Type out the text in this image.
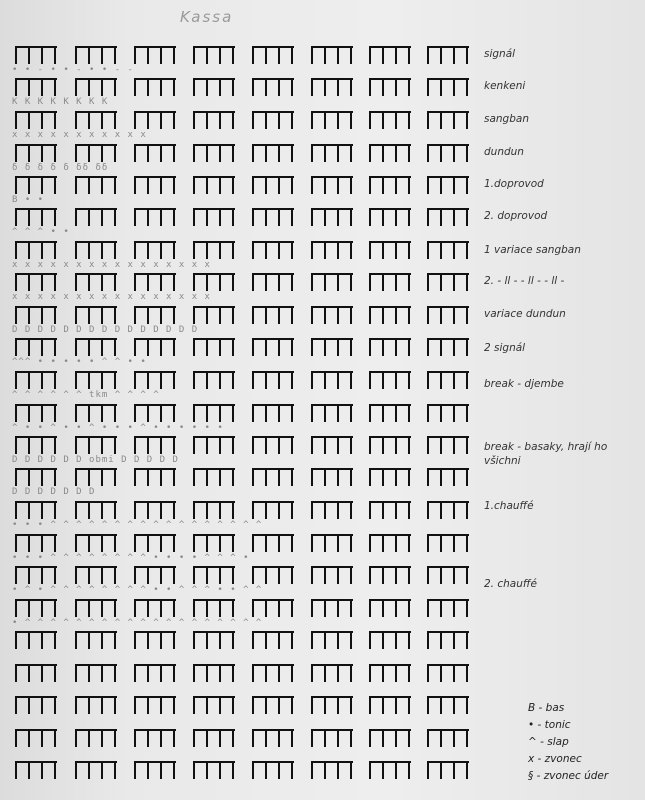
Kassa
• • - • • - • • - -
signál
K K K K K K K K
kenkeni
x x x x x x x x x x x
sangban
δ δ δ δ δ δδ δδ
dundun
B • •
1.doprovod
^ ^ ^ • •
2. doprovod
x x x x x x x x x x x x x x x x
1 variace sangban
x x x x x x x x x x x x x x x x
2. - ll - - ll - - ll -
D D D D D D D D D D D D D D D
variace dundun
^^^ • • • • • ^ ^ • •
2 signál
^ ^ ^ ^ ^ ^ tkm ^ ^ ^ ^
break - djembe
^ • • ^ • • ^ • • • ^ • • • • • •
D D D D D D obmi D D D D D
break - basaky, hrají ho všichni
D D D D D D D
• • • ^ ^ ^ ^ ^ ^ ^ ^ ^ ^ ^ ^ ^ ^ ^ ^ ^
1.chauffé
• • • ^ ^ ^ ^ ^ ^ ^ ^ • • • • ^ ^ ^ •
• ^ • ^ ^ ^ ^ ^ ^ ^ ^ • • ^ ^ ^ • • ^ ^	2. chauffé
• ^ ^ ^ ^ ^ ^ ^ ^ ^ ^ ^ ^ ^ ^ ^ ^ ^ ^ ^
B - bas
• - tonic
^ - slap
x - zvonec
§ - zvonec úder
